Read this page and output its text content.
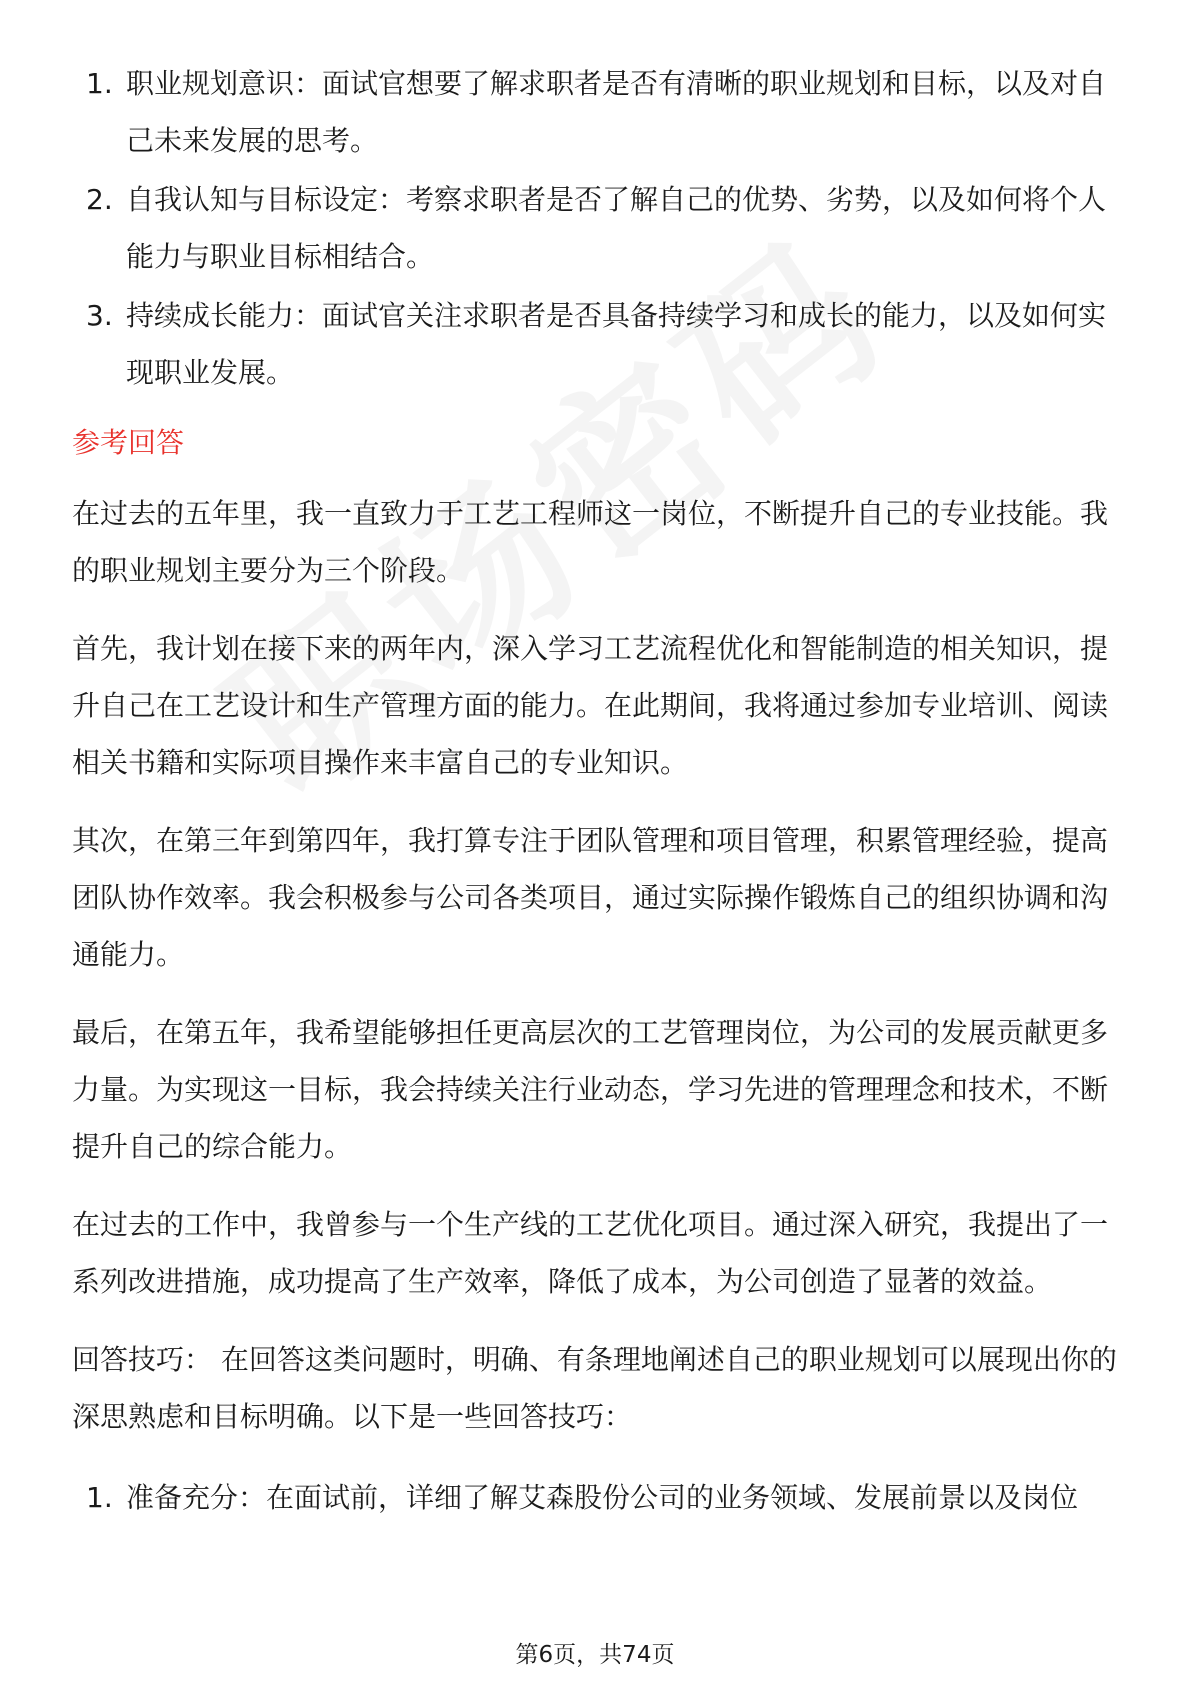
1. 职业规划意识：面试官想要了解求职者是否有清晰的职业规划和目标，以及对自己未来发展的思考。
2. 自我认知与目标设定：考察求职者是否了解自己的优势、劣势，以及如何将个人能力与职业目标相结合。
3. 持续成长能力：面试官关注求职者是否具备持续学习和成长的能力，以及如何实现职业发展。
参考回答

在过去的五年里，我一直致力于工艺工程师这一岗位，不断提升自己的专业技能。我的职业规划主要分为三个阶段。

首先，我计划在接下来的两年内，深入学习工艺流程优化和智能制造的相关知识，提升自己在工艺设计和生产管理方面的能力。在此期间，我将通过参加专业培训、阅读相关书籍和实际项目操作来丰富自己的专业知识。

其次，在第三年到第四年，我打算专注于团队管理和项目管理，积累管理经验，提高团队协作效率。我会积极参与公司各类项目，通过实际操作锻炼自己的组织协调和沟通能力。

最后，在第五年，我希望能够担任更高层次的工艺管理岗位，为公司的发展贡献更多力量。为实现这一目标，我会持续关注行业动态，学习先进的管理理念和技术，不断提升自己的综合能力。

在过去的工作中，我曾参与一个生产线的工艺优化项目。通过深入研究，我提出了一系列改进措施，成功提高了生产效率，降低了成本，为公司创造了显著的效益。

回答技巧： 在回答这类问题时，明确、有条理地阐述自己的职业规划可以展现出你的深思熟虑和目标明确。以下是一些回答技巧：

1. 准备充分：在面试前，详细了解艾森股份公司的业务领域、发展前景以及岗位
第6页，共74页
